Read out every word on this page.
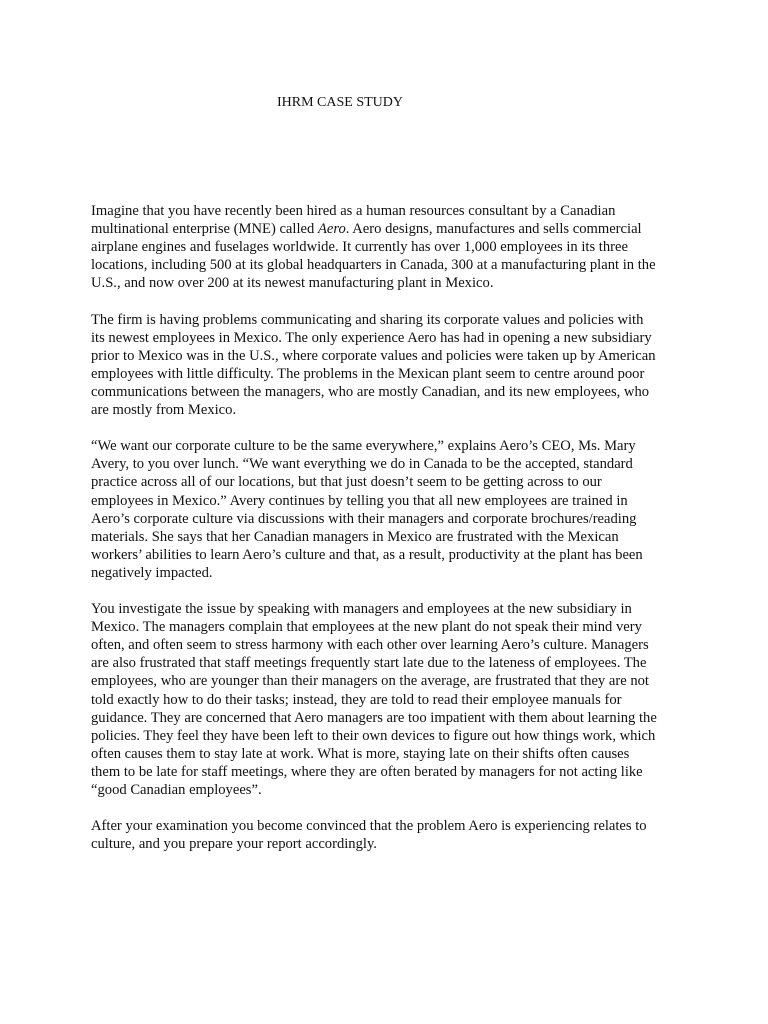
IHRM CASE STUDY

Imagine that you have recently been hired as a human resources consultant by a Canadian
multinational enterprise (MNE) called Aero. Aero designs, manufactures and sells commercial
airplane engines and fuselages worldwide. It currently has over 1,000 employees in its three
locations, including 500 at its global headquarters in Canada, 300 at a manufacturing plant in the
U.S., and now over 200 at its newest manufacturing plant in Mexico.

The firm is having problems communicating and sharing its corporate values and policies with
its newest employees in Mexico. The only experience Aero has had in opening a new subsidiary
prior to Mexico was in the U.S., where corporate values and policies were taken up by American
employees with little difficulty. The problems in the Mexican plant seem to centre around poor
communications between the managers, who are mostly Canadian, and its new employees, who
are mostly from Mexico.

“We want our corporate culture to be the same everywhere,” explains Aero’s CEO, Ms. Mary
Avery, to you over lunch. “We want everything we do in Canada to be the accepted, standard
practice across all of our locations, but that just doesn’t seem to be getting across to our
employees in Mexico.” Avery continues by telling you that all new employees are trained in
Aero’s corporate culture via discussions with their managers and corporate brochures/reading
materials. She says that her Canadian managers in Mexico are frustrated with the Mexican
workers’ abilities to learn Aero’s culture and that, as a result, productivity at the plant has been
negatively impacted.

You investigate the issue by speaking with managers and employees at the new subsidiary in
Mexico. The managers complain that employees at the new plant do not speak their mind very
often, and often seem to stress harmony with each other over learning Aero’s culture. Managers
are also frustrated that staff meetings frequently start late due to the lateness of employees. The
employees, who are younger than their managers on the average, are frustrated that they are not
told exactly how to do their tasks; instead, they are told to read their employee manuals for
guidance. They are concerned that Aero managers are too impatient with them about learning the
policies. They feel they have been left to their own devices to figure out how things work, which
often causes them to stay late at work. What is more, staying late on their shifts often causes
them to be late for staff meetings, where they are often berated by managers for not acting like
“good Canadian employees”.

After your examination you become convinced that the problem Aero is experiencing relates to
culture, and you prepare your report accordingly.
